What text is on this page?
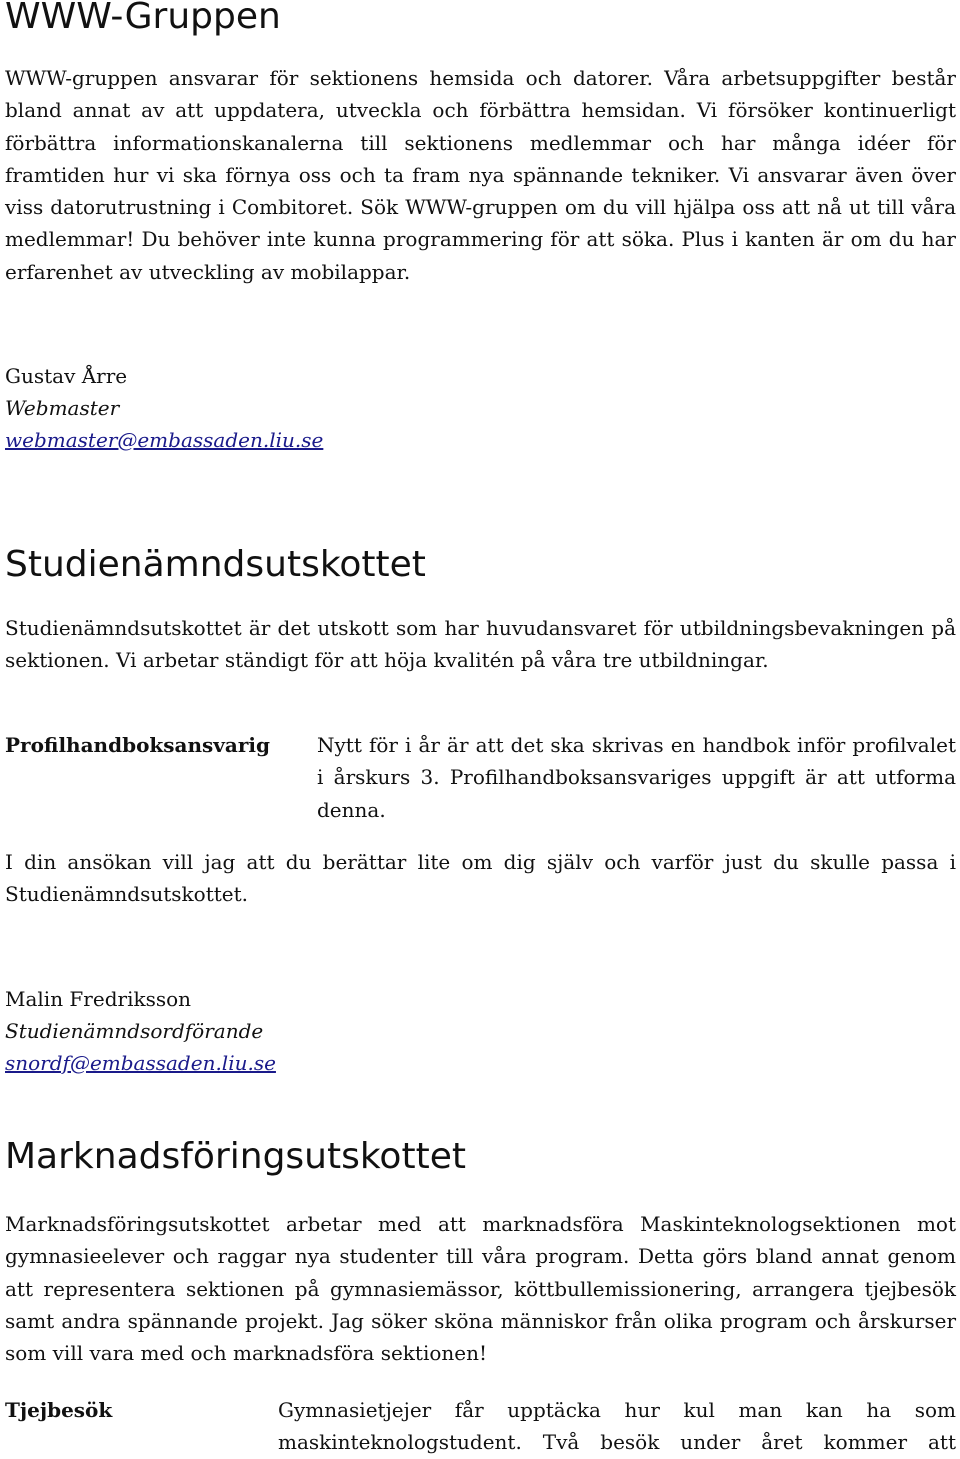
WWW-Gruppen

WWW-gruppen ansvarar för sektionens hemsida och datorer. Våra arbetsuppgifter består bland annat av att uppdatera, utveckla och förbättra hemsidan. Vi försöker kontinuerligt förbättra informationskanalerna till sektionens medlemmar och har många idéer för framtiden hur vi ska förnya oss och ta fram nya spännande tekniker. Vi ansvarar även över viss datorutrustning i Combitoret. Sök WWW-gruppen om du vill hjälpa oss att nå ut till våra medlemmar! Du behöver inte kunna programmering för att söka. Plus i kanten är om du har erfarenhet av utveckling av mobilappar.

Gustav Årre

Webmaster

webmaster@embassaden.liu.se

Studienämndsutskottet

Studienämndsutskottet är det utskott som har huvudansvaret för utbildningsbevakningen på sektionen. Vi arbetar ständigt för att höja kvalitén på våra tre utbildningar.

Profilhandboksansvarig	Nytt för i år är att det ska skrivas en handbok inför profilvalet i årskurs 3. Profilhandboksansvariges uppgift är att utforma denna.

I din ansökan vill jag att du berättar lite om dig själv och varför just du skulle passa i Studienämndsutskottet.

Malin Fredriksson

Studienämndsordförande

snordf@embassaden.liu.se

Marknadsföringsutskottet

Marknadsföringsutskottet arbetar med att marknadsföra Maskinteknologsektionen mot gymnasieelever och raggar nya studenter till våra program. Detta görs bland annat genom att representera sektionen på gymnasiemässor, köttbullemissionering, arrangera tjejbesök samt andra spännande projekt. Jag söker sköna människor från olika program och årskurser som vill vara med och marknadsföra sektionen!

Tjejbesök	Gymnasietjejer får upptäcka hur kul man kan ha som maskinteknologstudent. Två besök under året kommer att
